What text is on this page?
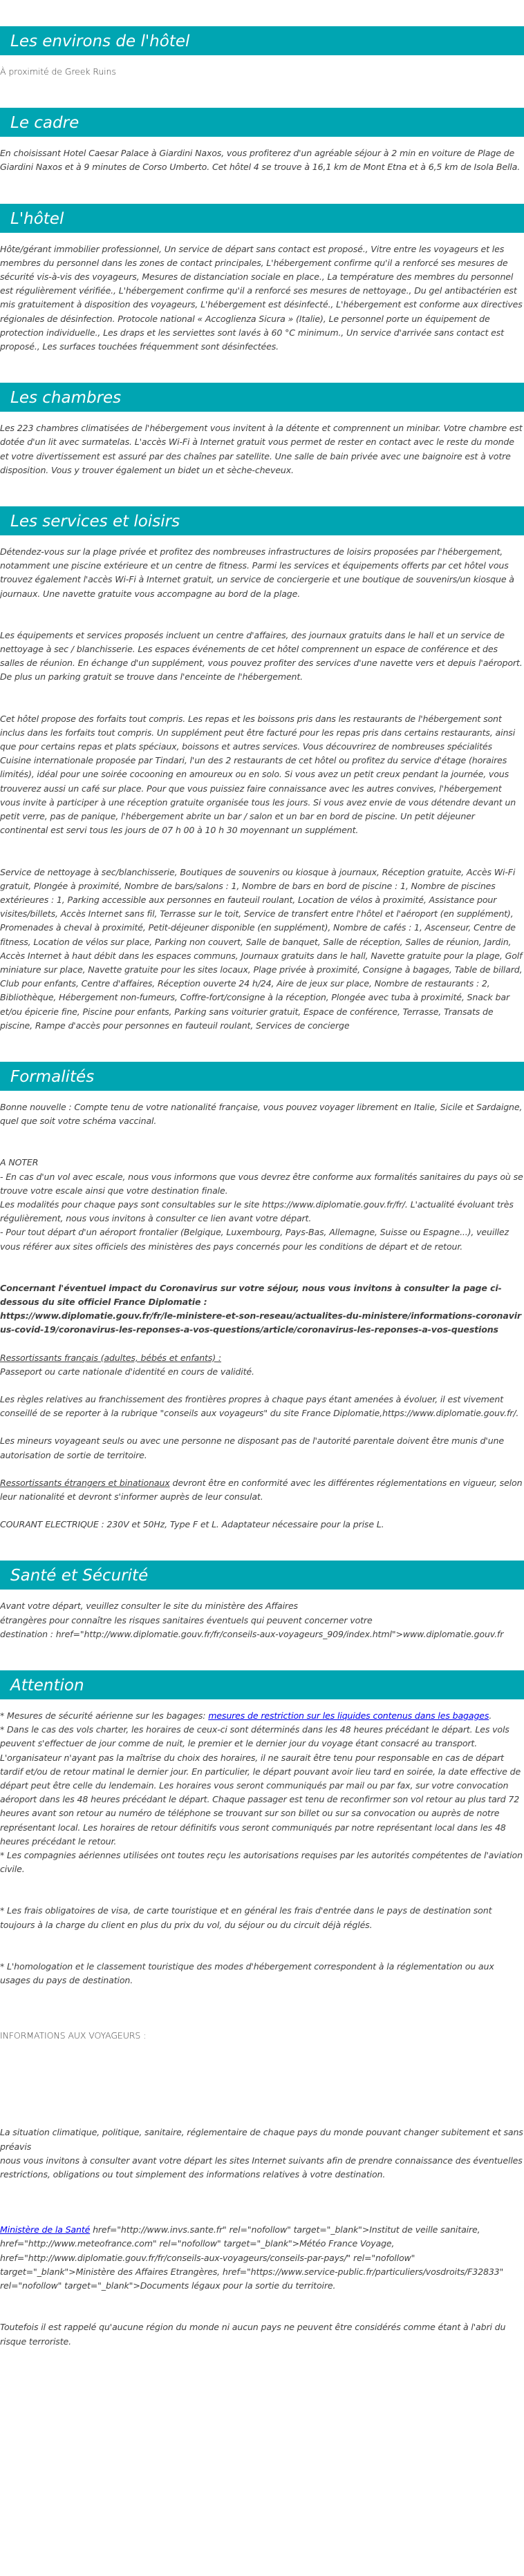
Les environs de l'hôtel

À proximité de Greek Ruins

Le cadre

En choisissant Hotel Caesar Palace à Giardini Naxos, vous profiterez d'un agréable séjour à 2 min en voiture de Plage de Giardini Naxos et à 9 minutes de Corso Umberto. Cet hôtel 4 se trouve à 16,1 km de Mont Etna et à 6,5 km de Isola Bella.

L'hôtel

Hôte/gérant immobilier professionnel, Un service de départ sans contact est proposé., Vitre entre les voyageurs et les membres du personnel dans les zones de contact principales, L'hébergement confirme qu'il a renforcé ses mesures de sécurité vis-à-vis des voyageurs, Mesures de distanciation sociale en place., La température des membres du personnel est régulièrement vérifiée., L'hébergement confirme qu'il a renforcé ses mesures de nettoyage., Du gel antibactérien est mis gratuitement à disposition des voyageurs, L'hébergement est désinfecté., L'hébergement est conforme aux directives régionales de désinfection. Protocole national « Accoglienza Sicura » (Italie), Le personnel porte un équipement de protection individuelle., Les draps et les serviettes sont lavés à 60 °C minimum., Un service d'arrivée sans contact est proposé., Les surfaces touchées fréquemment sont désinfectées.

Les chambres

Les 223 chambres climatisées de l'hébergement vous invitent à la détente et comprennent un minibar. Votre chambre est dotée d'un lit avec surmatelas. L'accès Wi-Fi à Internet gratuit vous permet de rester en contact avec le reste du monde et votre divertissement est assuré par des chaînes par satellite. Une salle de bain privée avec une baignoire est à votre disposition. Vous y trouver également un bidet un et sèche-cheveux.

Les services et loisirs

Détendez-vous sur la plage privée et profitez des nombreuses infrastructures de loisirs proposées par l'hébergement, notamment une piscine extérieure et un centre de fitness. Parmi les services et équipements offerts par cet hôtel vous trouvez également l'accès Wi-Fi à Internet gratuit, un service de conciergerie et une boutique de souvenirs/un kiosque à journaux. Une navette gratuite vous accompagne au bord de la plage.

Les équipements et services proposés incluent un centre d'affaires, des journaux gratuits dans le hall et un service de nettoyage à sec / blanchisserie. Les espaces événements de cet hôtel comprennent un espace de conférence et des salles de réunion. En échange d'un supplément, vous pouvez profiter des services d'une navette vers et depuis l'aéroport. De plus un parking gratuit se trouve dans l'enceinte de l'hébergement.

Cet hôtel propose des forfaits tout compris. Les repas et les boissons pris dans les restaurants de l'hébergement sont inclus dans les forfaits tout compris. Un supplément peut être facturé pour les repas pris dans certains restaurants, ainsi que pour certains repas et plats spéciaux, boissons et autres services. Vous découvrirez de nombreuses spécialités Cuisine internationale proposée par Tindari, l'un des 2 restaurants de cet hôtel ou profitez du service d'étage (horaires limités), idéal pour une soirée cocooning en amoureux ou en solo. Si vous avez un petit creux pendant la journée, vous trouverez aussi un café sur place. Pour que vous puissiez faire connaissance avec les autres convives, l'hébergement vous invite à participer à une réception gratuite organisée tous les jours. Si vous avez envie de vous détendre devant un petit verre, pas de panique, l'hébergement abrite un bar / salon et un bar en bord de piscine. Un petit déjeuner continental est servi tous les jours de 07 h 00 à 10 h 30 moyennant un supplément.

Service de nettoyage à sec/blanchisserie, Boutiques de souvenirs ou kiosque à journaux, Réception gratuite, Accès Wi-Fi gratuit, Plongée à proximité, Nombre de bars/salons : 1, Nombre de bars en bord de piscine : 1, Nombre de piscines extérieures : 1, Parking accessible aux personnes en fauteuil roulant, Location de vélos à proximité, Assistance pour visites/billets, Accès Internet sans fil, Terrasse sur le toit, Service de transfert entre l'hôtel et l'aéroport (en supplément), Promenades à cheval à proximité, Petit-déjeuner disponible (en supplément), Nombre de cafés : 1, Ascenseur, Centre de fitness, Location de vélos sur place, Parking non couvert, Salle de banquet, Salle de réception, Salles de réunion, Jardin, Accès Internet à haut débit dans les espaces communs, Journaux gratuits dans le hall, Navette gratuite pour la plage, Golf miniature sur place, Navette gratuite pour les sites locaux, Plage privée à proximité, Consigne à bagages, Table de billard, Club pour enfants, Centre d'affaires, Réception ouverte 24 h/24, Aire de jeux sur place, Nombre de restaurants : 2, Bibliothèque, Hébergement non-fumeurs, Coffre-fort/consigne à la réception, Plongée avec tuba à proximité, Snack bar et/ou épicerie fine, Piscine pour enfants, Parking sans voiturier gratuit, Espace de conférence, Terrasse, Transats de piscine, Rampe d'accès pour personnes en fauteuil roulant, Services de concierge

Formalités

Bonne nouvelle : Compte tenu de votre nationalité française, vous pouvez voyager librement en Italie, Sicile et Sardaigne, quel que soit votre schéma vaccinal.

A NOTER
- En cas d'un vol avec escale, nous vous informons que vous devrez être conforme aux formalités sanitaires du pays où se trouve votre escale ainsi que votre destination finale.
Les modalités pour chaque pays sont consultables sur le site https://www.diplomatie.gouv.fr/fr/. L'actualité évoluant très régulièrement, nous vous invitons à consulter ce lien avant votre départ.
- Pour tout départ d'un aéroport frontalier (Belgique, Luxembourg, Pays-Bas, Allemagne, Suisse ou Espagne...), veuillez vous référer aux sites officiels des ministères des pays concernés pour les conditions de départ et de retour.

Concernant l'éventuel impact du Coronavirus sur votre séjour, nous vous invitons à consulter la page ci-dessous du site officiel France Diplomatie :
https://www.diplomatie.gouv.fr/fr/le-ministere-et-son-reseau/actualites-du-ministere/informations-coronavirus-covid-19/coronavirus-les-reponses-a-vos-questions/article/coronavirus-les-reponses-a-vos-questions

Ressortissants français (adultes, bébés et enfants) :
Passeport ou carte nationale d'identité en cours de validité.

Les règles relatives au franchissement des frontières propres à chaque pays étant amenées à évoluer, il est vivement conseillé de se reporter à la rubrique "conseils aux voyageurs" du site France Diplomatie,https://www.diplomatie.gouv.fr/.

Les mineurs voyageant seuls ou avec une personne ne disposant pas de l'autorité parentale doivent être munis d'une autorisation de sortie de territoire.

Ressortissants étrangers et binationaux devront être en conformité avec les différentes réglementations en vigueur, selon leur nationalité et devront s'informer auprès de leur consulat.

COURANT ELECTRIQUE : 230V et 50Hz, Type F et L. Adaptateur nécessaire pour la prise L.

Santé et Sécurité

Avant votre départ, veuillez consulter le site du ministère des Affaires
étrangères pour connaître les risques sanitaires éventuels qui peuvent concerner votre
destination : href="http://www.diplomatie.gouv.fr/fr/conseils-aux-voyageurs_909/index.html">www.diplomatie.gouv.fr

Attention

* Mesures de sécurité aérienne sur les bagages: mesures de restriction sur les liquides contenus dans les bagages.
* Dans le cas des vols charter, les horaires de ceux-ci sont déterminés dans les 48 heures précédant le départ. Les vols peuvent s'effectuer de jour comme de nuit, le premier et le dernier jour du voyage étant consacré au transport. L'organisateur n'ayant pas la maîtrise du choix des horaires, il ne saurait être tenu pour responsable en cas de départ tardif et/ou de retour matinal le dernier jour. En particulier, le départ pouvant avoir lieu tard en soirée, la date effective de départ peut être celle du lendemain. Les horaires vous seront communiqués par mail ou par fax, sur votre convocation aéroport dans les 48 heures précédant le départ. Chaque passager est tenu de reconfirmer son vol retour au plus tard 72 heures avant son retour au numéro de téléphone se trouvant sur son billet ou sur sa convocation ou auprès de notre représentant local. Les horaires de retour définitifs vous seront communiqués par notre représentant local dans les 48 heures précédant le retour.
* Les compagnies aériennes utilisées ont toutes reçu les autorisations requises par les autorités compétentes de l'aviation civile.

* Les frais obligatoires de visa, de carte touristique et en général les frais d'entrée dans le pays de destination sont toujours à la charge du client en plus du prix du vol, du séjour ou du circuit déjà réglés.

* L'homologation et le classement touristique des modes d'hébergement correspondent à la réglementation ou aux usages du pays de destination.

INFORMATIONS AUX VOYAGEURS :

La situation climatique, politique, sanitaire, réglementaire de chaque pays du monde pouvant changer subitement et sans préavis
nous vous invitons à consulter avant votre départ les sites Internet suivants afin de prendre connaissance des éventuelles restrictions, obligations ou tout simplement des informations relatives à votre destination.

Ministère de la Santé href="http://www.invs.sante.fr" rel="nofollow" target="_blank">Institut de veille sanitaire, href="http://www.meteofrance.com" rel="nofollow" target="_blank">Météo France Voyage, href="http://www.diplomatie.gouv.fr/fr/conseils-aux-voyageurs/conseils-par-pays/" rel="nofollow" target="_blank">Ministère des Affaires Etrangères, href="https://www.service-public.fr/particuliers/vosdroits/F32833" rel="nofollow" target="_blank">Documents légaux pour la sortie du territoire.

Toutefois il est rappelé qu'aucune région du monde ni aucun pays ne peuvent être considérés comme étant à l'abri du risque terroriste.
